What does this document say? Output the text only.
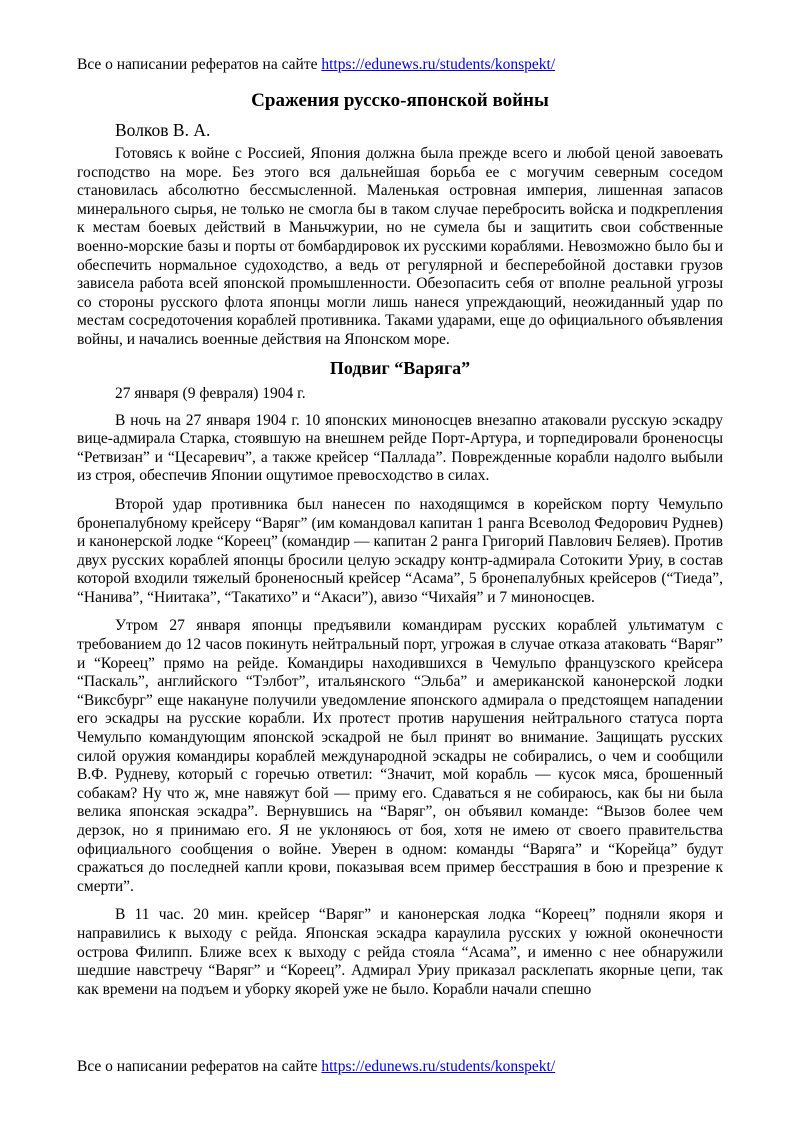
Все о написании рефератов на сайте https://edunews.ru/students/konspekt/
Сражения русско-японской войны
Волков В. А.

Готовясь к войне с Россией, Япония должна была прежде всего и любой ценой завоевать господство на море. Без этого вся дальнейшая борьба ее с могучим северным соседом становилась абсолютно бессмысленной. Маленькая островная империя, лишенная запасов минерального сырья, не только не смогла бы в таком случае перебросить войска и подкрепления к местам боевых действий в Маньчжурии, но не сумела бы и защитить свои собственные военно-морские базы и порты от бомбардировок их русскими кораблями. Невозможно было бы и обеспечить нормальное судоходство, а ведь от регулярной и бесперебойной доставки грузов зависела работа всей японской промышленности. Обезопасить себя от вполне реальной угрозы со стороны русского флота японцы могли лишь нанеся упреждающий, неожиданный удар по местам сосредоточения кораблей противника. Таками ударами, еще до официального объявления войны, и начались военные действия на Японском море.

Подвиг “Варяга”
27 января (9 февраля) 1904 г.

В ночь на 27 января 1904 г. 10 японских миноносцев внезапно атаковали русскую эскадру вице-адмирала Старка, стоявшую на внешнем рейде Порт-Артура, и торпедировали броненосцы “Ретвизан” и “Цесаревич”, а также крейсер “Паллада”. Поврежденные корабли надолго выбыли из строя, обеспечив Японии ощутимое превосходство в силах.

Второй удар противника был нанесен по находящимся в корейском порту Чемульпо бронепалубному крейсеру “Варяг” (им командовал капитан 1 ранга Всеволод Федорович Руднев) и канонерской лодке “Кореец” (командир — капитан 2 ранга Григорий Павлович Беляев). Против двух русских кораблей японцы бросили целую эскадру контр-адмирала Сотокити Уриу, в состав которой входили тяжелый броненосный крейсер “Асама”, 5 бронепалубных крейсеров (“Тиеда”, “Нанива”, “Ниитака”, “Такатихо” и “Акаси”), авизо “Чихайя” и 7 миноносцев.

Утром 27 января японцы предъявили командирам русских кораблей ультиматум с требованием до 12 часов покинуть нейтральный порт, угрожая в случае отказа атаковать “Варяг” и “Кореец” прямо на рейде. Командиры находившихся в Чемульпо французского крейсера “Паскаль”, английского “Тэлбот”, итальянского “Эльба” и американской канонерской лодки “Виксбург” еще накануне получили уведомление японского адмирала о предстоящем нападении его эскадры на русские корабли. Их протест против нарушения нейтрального статуса порта Чемульпо командующим японской эскадрой не был принят во внимание. Защищать русских силой оружия командиры кораблей международной эскадры не собирались, о чем и сообщили В.Ф. Рудневу, который с горечью ответил: “Значит, мой корабль — кусок мяса, брошенный собакам? Ну что ж, мне навяжут бой — приму его. Сдаваться я не собираюсь, как бы ни была велика японская эскадра”. Вернувшись на “Варяг”, он объявил команде: “Вызов более чем дерзок, но я принимаю его. Я не уклоняюсь от боя, хотя не имею от своего правительства официального сообщения о войне. Уверен в одном: команды “Варяга” и “Корейца” будут сражаться до последней капли крови, показывая всем пример бесстрашия в бою и презрение к смерти”.

В 11 час. 20 мин. крейсер “Варяг” и канонерская лодка “Кореец” подняли якоря и направились к выходу с рейда. Японская эскадра караулила русских у южной оконечности острова Филипп. Ближе всех к выходу с рейда стояла “Асама”, и именно с нее обнаружили шедшие навстречу “Варяг” и “Кореец”. Адмирал Уриу приказал расклепать якорные цепи, так как времени на подъем и уборку якорей уже не было. Корабли начали спешно

Все о написании рефератов на сайте https://edunews.ru/students/konspekt/
